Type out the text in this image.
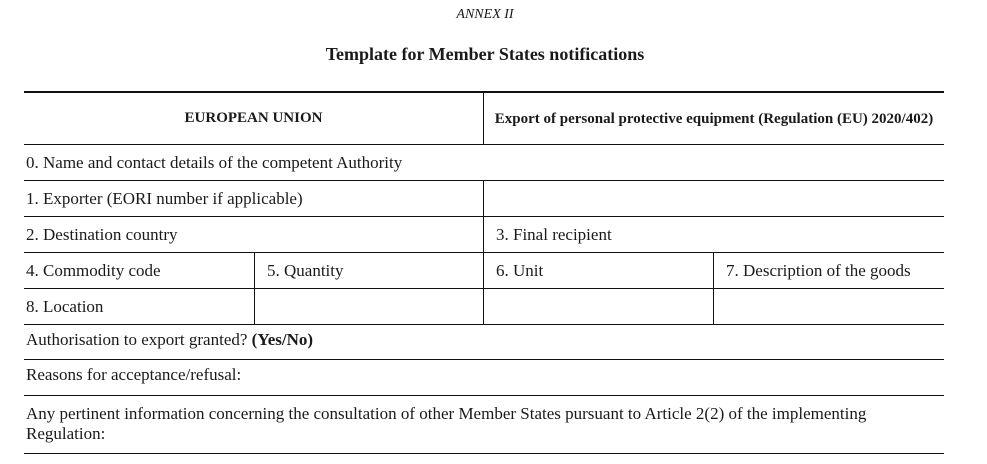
ANNEX II
Template for Member States notifications
EUROPEAN UNION	Export of personal protective equipment (Regulation (EU) 2020/402)
0. Name and contact details of the competent Authority
1. Exporter (EORI number if applicable)
2. Destination country	3. Final recipient
4. Commodity code	5. Quantity	6. Unit	7. Description of the goods
8. Location
Authorisation to export granted? (Yes/No)
Reasons for acceptance/refusal:
Any pertinent information concerning the consultation of other Member States pursuant to Article 2(2) of the implementing Regulation:
